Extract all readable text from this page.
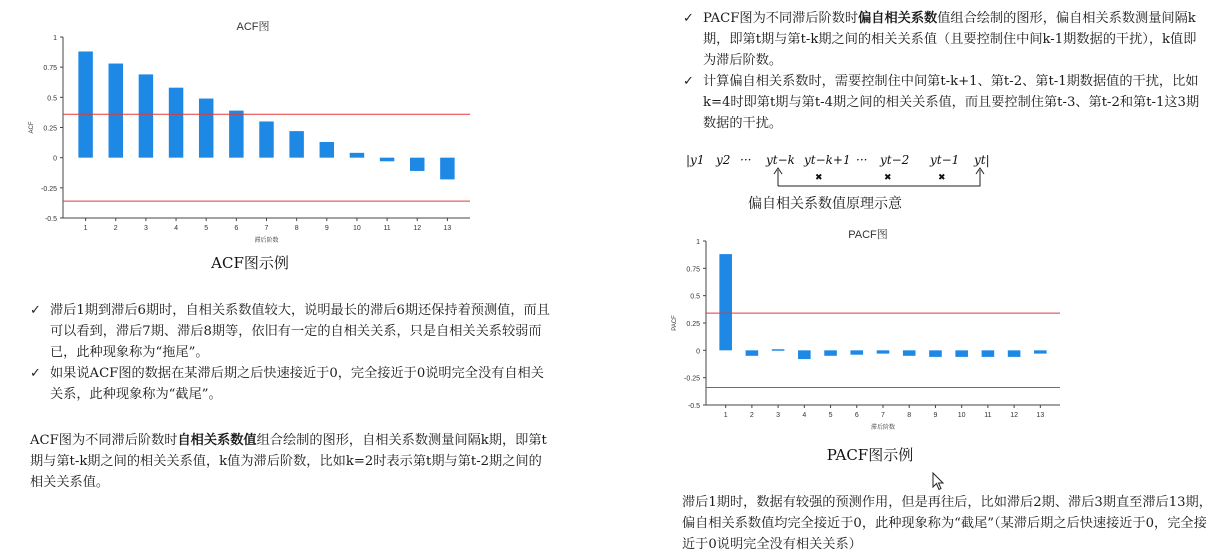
ACF图
-0.5
-0.25
0
0.25
0.5
0.75
1
1	2	3	4	5	6	7	8	9	10	11	12	13
滞后阶数
ACF
ACF图示例
✓ 滞后1期到滞后6期时，自相关系数值较大，说明最长的滞后6期还保持着预测值，而且可以看到，滞后7期、滞后8期等，依旧有一定的自相关关系，只是自相关关系较弱而已，此种现象称为“拖尾”。
✓ 如果说ACF图的数据在某滞后期之后快速接近于0，完全接近于0说明完全没有自相关关系，此种现象称为“截尾”。
ACF图为不同滞后阶数时自相关系数值组合绘制的图形，自相关系数测量间隔k期，即第t期与第t-k期之间的相关关系值，k值为滞后阶数，比如k=2时表示第t期与第t-2期之间的相关关系值。
✓ PACF图为不同滞后阶数时偏自相关系数值组合绘制的图形，偏自相关系数测量间隔k期，即第t期与第t-k期之间的相关关系值（且要控制住中间k-1期数据的干扰），k值即为滞后阶数。
✓ 计算偏自相关系数时，需要控制住中间第t-k+1、第t-2、第t-1期数据值的干扰，比如k=4时即第t期与第t-4期之间的相关关系值，而且要控制住第t-3、第t-2和第t-1这3期数据的干扰。
|y1 y2 ··· yt−k yt−k+1 ··· yt−2 yt−1 yt|
✖	✖	✖
偏自相关系数值原理示意
PACF图
-0.5
-0.25
0
0.25
0.5
0.75
1
1	2	3	4	5	6	7	8	9	10	11	12	13
滞后阶数
PACF
PACF图示例
滞后1期时，数据有较强的预测作用，但是再往后，比如滞后2期、滞后3期直至滞后13期，偏自相关系数值均完全接近于0，此种现象称为“截尾”（某滞后期之后快速接近于0，完全接近于0说明完全没有相关关系）
